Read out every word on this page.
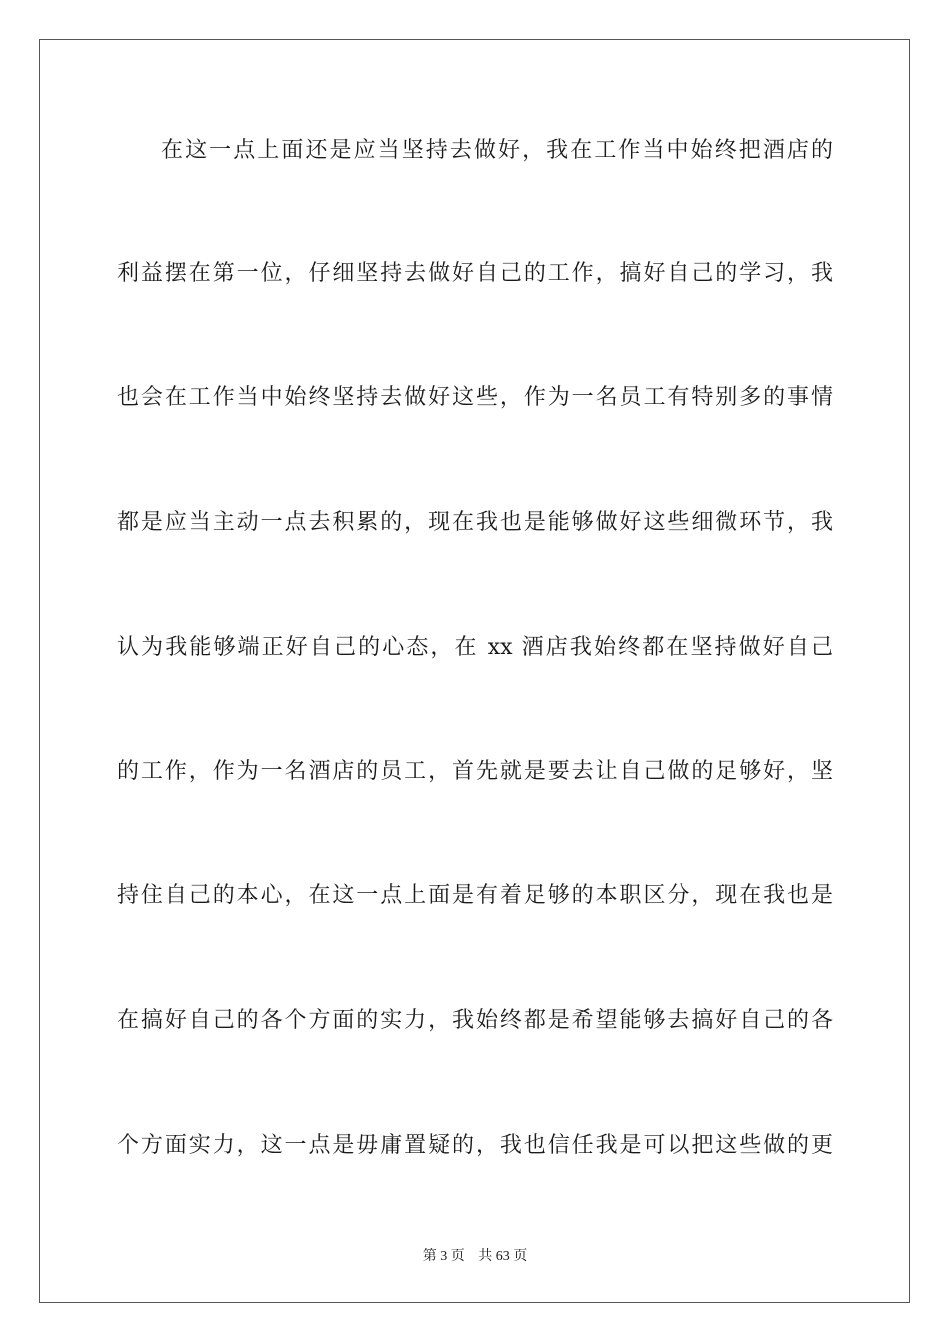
在这一点上面还是应当坚持去做好，我在工作当中始终把酒店的
利益摆在第一位，仔细坚持去做好自己的工作，搞好自己的学习，我
也会在工作当中始终坚持去做好这些，作为一名员工有特别多的事情
都是应当主动一点去积累的，现在我也是能够做好这些细微环节，我
认为我能够端正好自己的心态，在 xx 酒店我始终都在坚持做好自己
的工作，作为一名酒店的员工，首先就是要去让自己做的足够好，坚
持住自己的本心，在这一点上面是有着足够的本职区分，现在我也是
在搞好自己的各个方面的实力，我始终都是希望能够去搞好自己的各
个方面实力，这一点是毋庸置疑的，我也信任我是可以把这些做的更
第 3 页 共 63 页
